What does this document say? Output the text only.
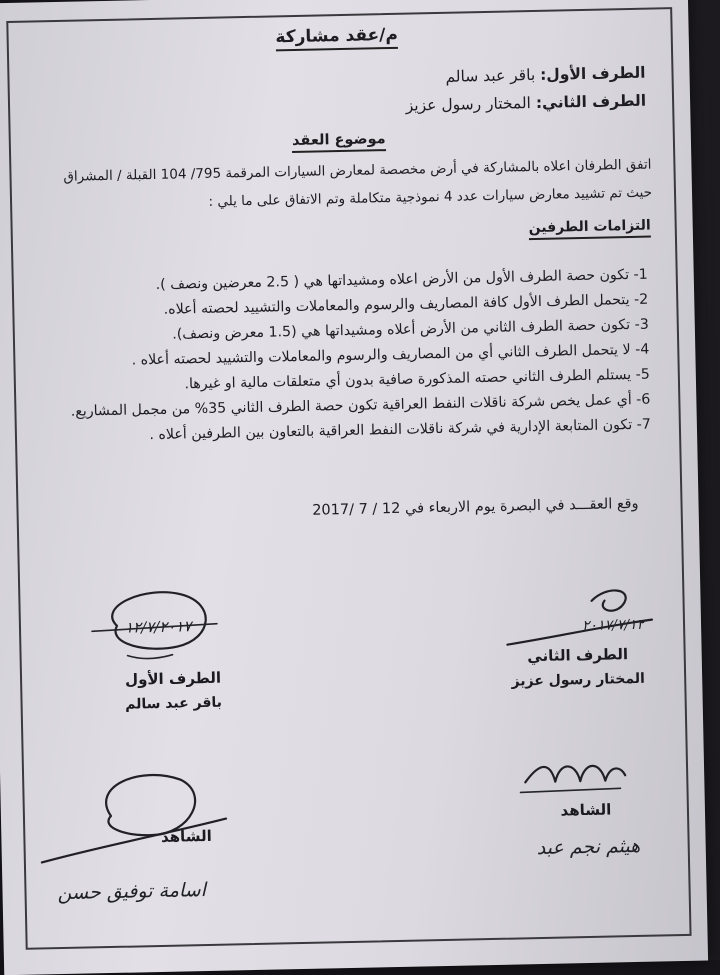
م/عقد مشاركة
الطرف الأول: باقر عبد سالم
الطرف الثاني: المختار رسول عزيز
موضوع العقد
اتفق الطرفان اعلاه بالمشاركة في أرض مخصصة لمعارض السيارات المرقمة 795/ 104 القبلة / المشراق
حيث تم تشييد معارض سيارات عدد 4 نموذجية متكاملة وتم الاتفاق على ما يلي :
التزامات الطرفين
1- تكون حصة الطرف الأول من الأرض اعلاه ومشيداتها هي ( 2.5 معرضين ونصف ).
2- يتحمل الطرف الأول كافة المصاريف والرسوم والمعاملات والتشييد لحصته أعلاه.
3- تكون حصة الطرف الثاني من الأرض أعلاه ومشيداتها هي (1.5 معرض ونصف).
4- لا يتحمل الطرف الثاني أي من المصاريف والرسوم والمعاملات والتشييد لحصته أعلاه .
5- يستلم الطرف الثاني حصته المذكورة صافية بدون أي متعلقات مالية او غيرها.
6- أي عمل يخص شركة ناقلات النفط العراقية تكون حصة الطرف الثاني 35% من مجمل المشاريع.
7- تكون المتابعة الإدارية في شركة ناقلات النفط العراقية بالتعاون بين الطرفين أعلاه .
وقع العقـــد في البصرة يوم الاربعاء في 12 / 7 /2017
١٢/٧/٢٠١٧
الطرف الأول
باقر عبد سالم
٢٠١٧/٧/١٢
الطرف الثاني
المختار رسول عزيز
الشاهد
هيثم نجم عبد
الشاهد
اسامة توفيق حسن
